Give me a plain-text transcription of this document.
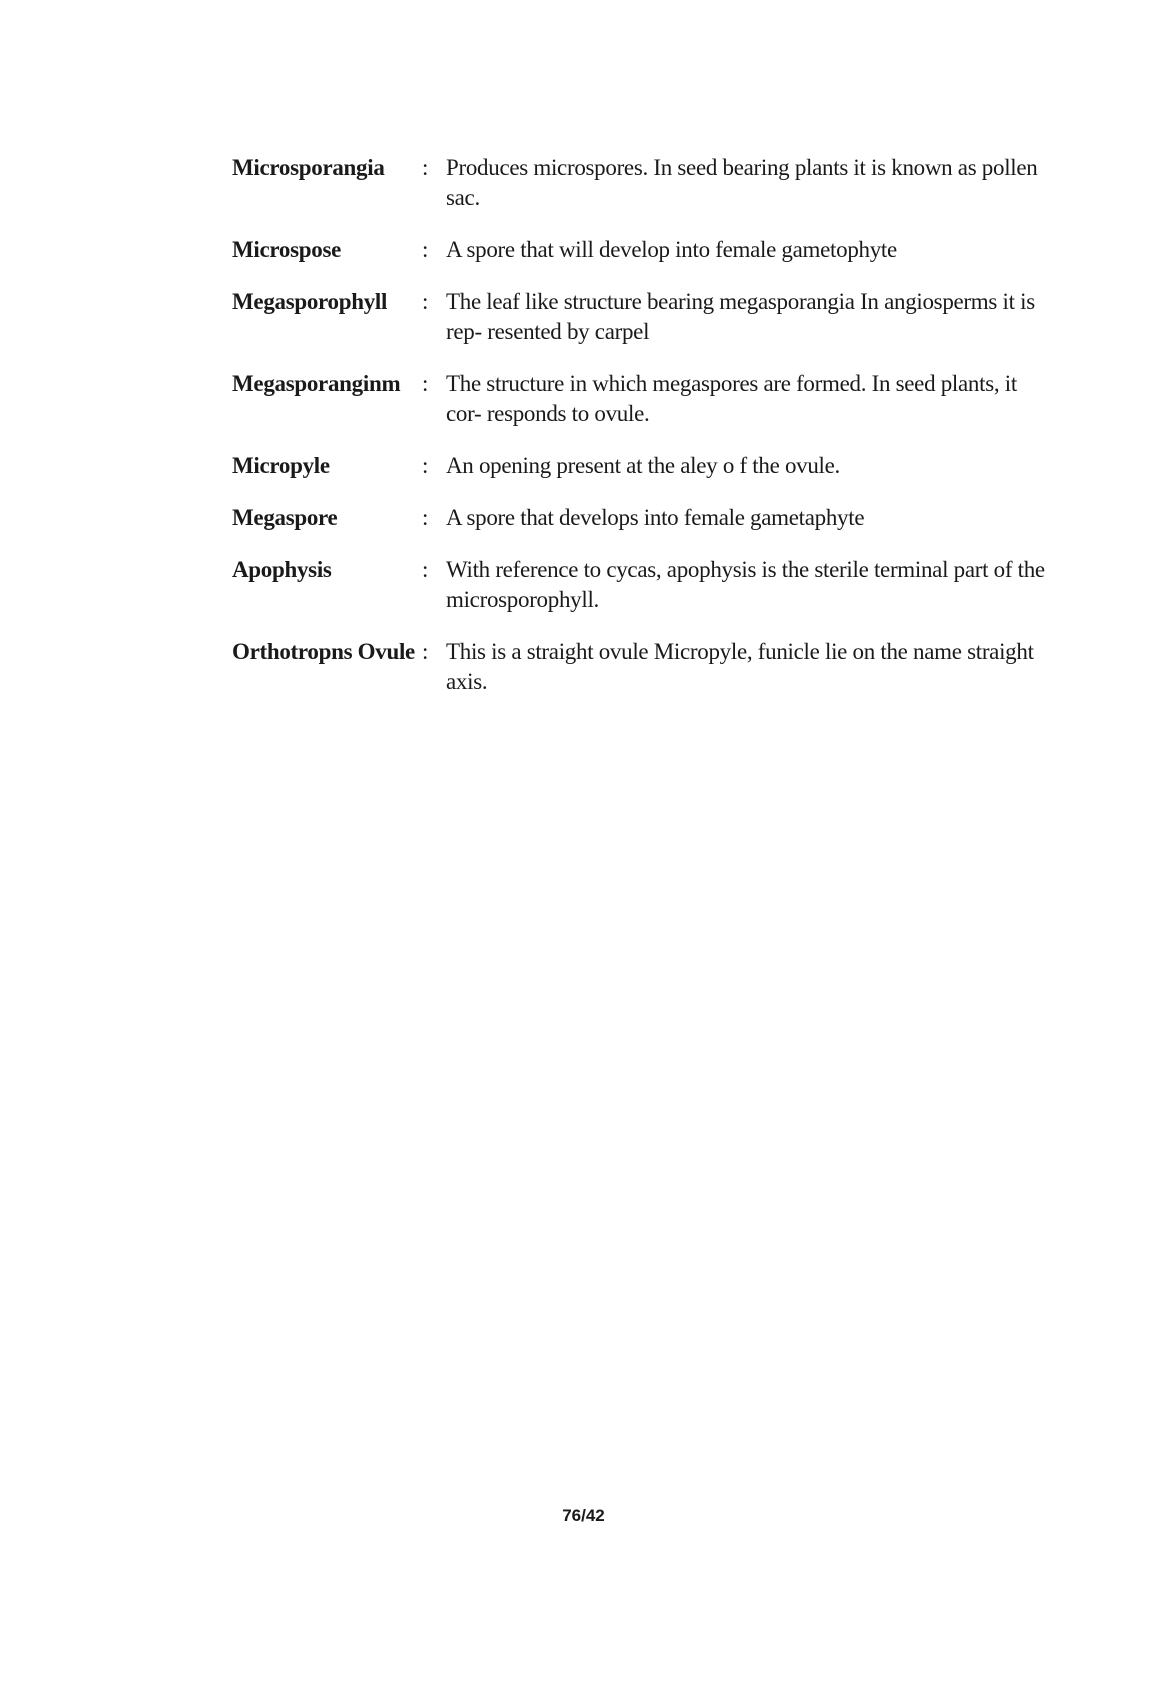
Microsporangia	: Produces microspores. In seed bearing plants it is known as pollen sac.
Microspose	: A spore that will develop into female gametophyte
Megasporophyll	: The leaf like structure bearing megasporangia In angiosperms it is rep- resented by carpel
Megasporanginm : The structure in which megaspores are formed. In seed plants, it cor- responds to ovule.
Micropyle	: An opening present at the aley o f the ovule.
Megaspore	: A spore that develops into female gametaphyte
Apophysis	: With reference to cycas, apophysis is the sterile terminal part of the microsporophyll.
Orthotropns Ovule : This is a straight ovule Micropyle, funicle lie on the name straight axis.
76/42
